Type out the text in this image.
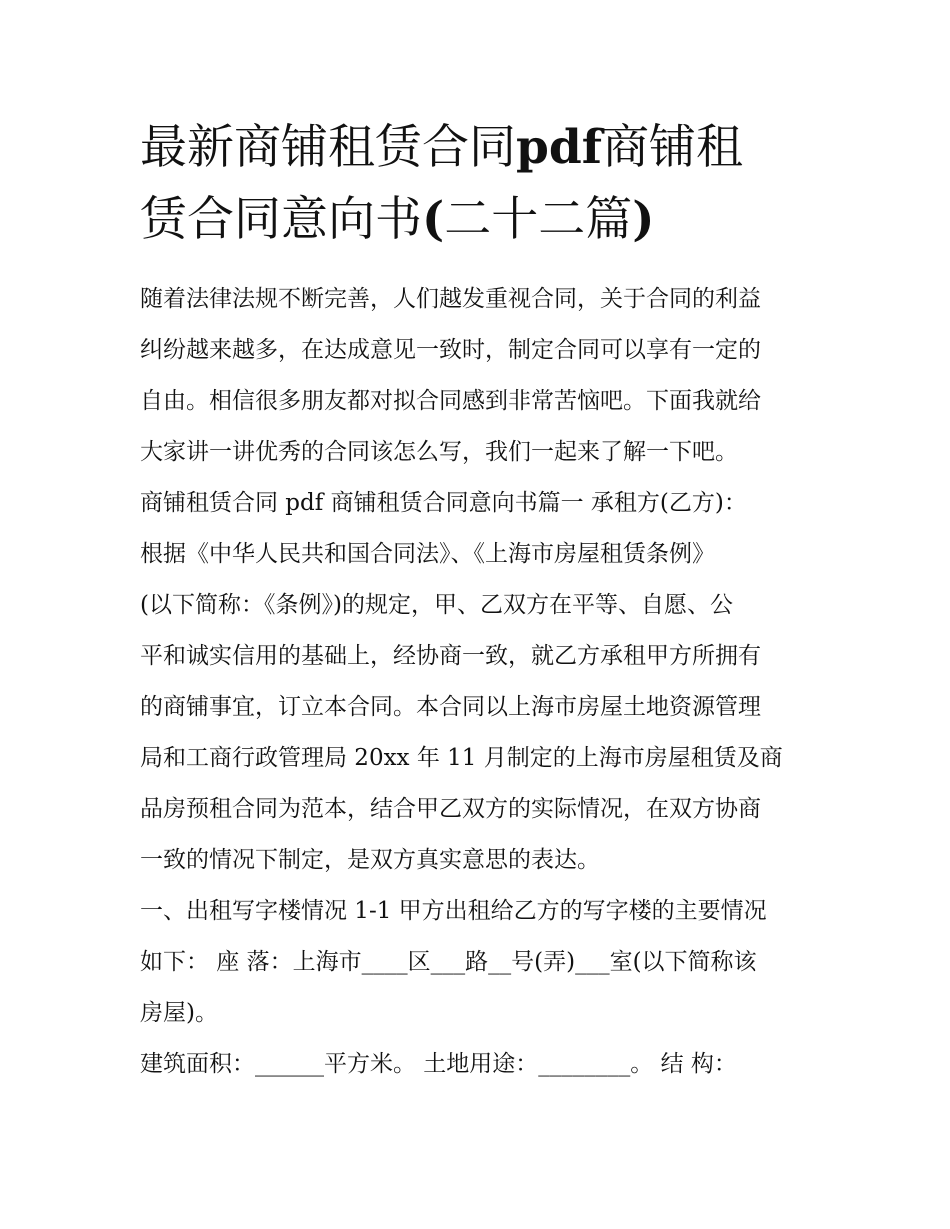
最新商铺租赁合同pdf商铺租
赁合同意向书(二十二篇)
随着法律法规不断完善，人们越发重视合同，关于合同的利益
纠纷越来越多，在达成意见一致时，制定合同可以享有一定的
自由。相信很多朋友都对拟合同感到非常苦恼吧。下面我就给
大家讲一讲优秀的合同该怎么写，我们一起来了解一下吧。
商铺租赁合同 pdf 商铺租赁合同意向书篇一 承租方(乙方)：
根据《中华人民共和国合同法》、《上海市房屋租赁条例》
(以下简称：《条例》)的规定，甲、乙双方在平等、自愿、公
平和诚实信用的基础上，经协商一致，就乙方承租甲方所拥有
的商铺事宜，订立本合同。本合同以上海市房屋土地资源管理
局和工商行政管理局 20xx 年 11 月制定的上海市房屋租赁及商
品房预租合同为范本，结合甲乙双方的实际情况，在双方协商
一致的情况下制定，是双方真实意思的表达。
一、出租写字楼情况 1-1 甲方出租给乙方的写字楼的主要情况
如下： 座 落：上海市____区___路__号(弄)___室(以下简称该
房屋)。
建筑面积：______平方米。 土地用途：________。 结 构：
